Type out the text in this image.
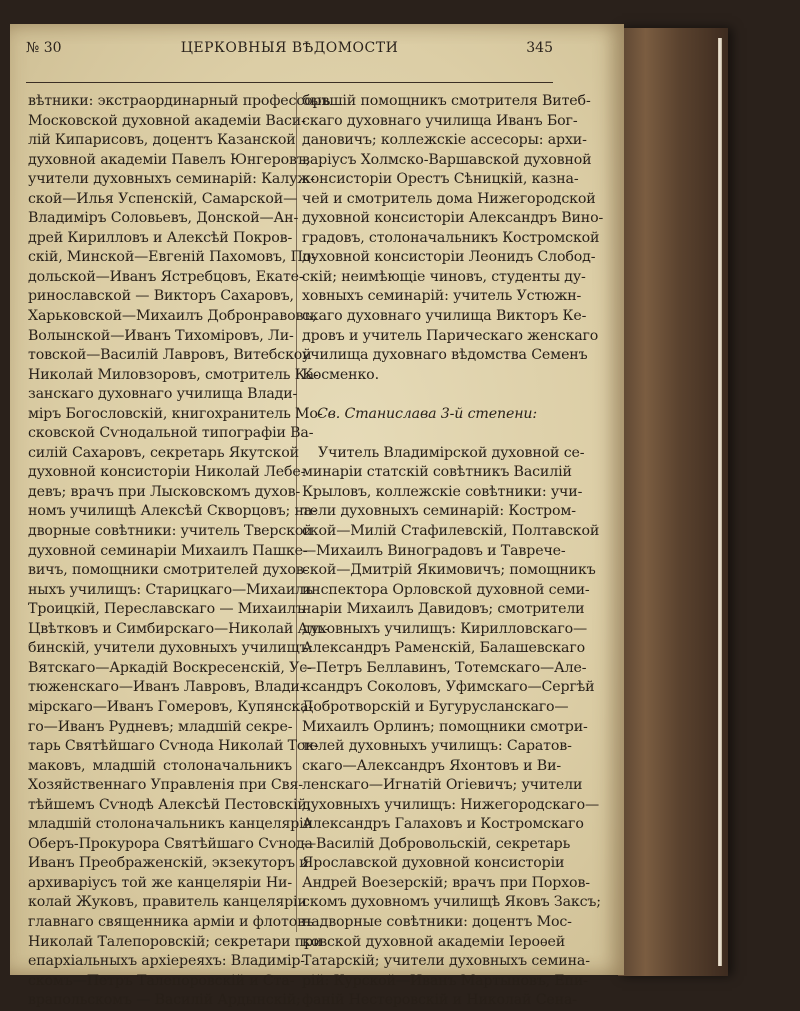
№ 30	ЦЕРКОВНЫЯ ВѢДОМОСТИ	345
вѣтники: экстраординарный профессоръ
Московской духовной академіи Васи-
лій Кипарисовъ, доцентъ Казанской
духовной академіи Павелъ Юнгеровъ;
учители духовныхъ семинарій: Калуж-
ской—Илья Успенскій, Самарской—
Владиміръ Соловьевъ, Донской—Ан-
дрей Кирилловъ и Алексѣй Покров-
скій, Минской—Евгеній Пахомовъ, По-
дольской—Иванъ Ястребцовъ, Екате-
ринославской — Викторъ Сахаровъ,
Харьковской—Михаилъ Добронравовъ,
Волынской—Иванъ Тихоміровъ, Ли-
товской—Василій Лавровъ, Витебской
Николай Миловзоровъ, смотритель Ка-
занскаго духовнаго училища Влади-
міръ Богословскій, книгохранитель Мо-
сковской Сѵнодальной типографіи Ва-
силій Сахаровъ, секретарь Якутской
духовной консисторіи Николай Лебе-
девъ; врачъ при Лысковскомъ духов-
номъ училищѣ Алексѣй Скворцовъ; на-
дворные совѣтники: учитель Тверской
духовной семинаріи Михаилъ Пашке-
вичъ, помощники смотрителей духов-
ныхъ училищъ: Старицкаго—Михаилъ
Троицкій, Переславскаго — Михаилъ
Цвѣтковъ и Симбирскаго—Николай Аль-
бинскій, учители духовныхъ училищъ:
Вятскаго—Аркадій Воскресенскій, Ус-
тюженскаго—Иванъ Лавровъ, Влади-
мірскаго—Иванъ Гомеровъ, Купянска-
го—Иванъ Рудневъ; младшій секре-
тарь Святѣйшаго Сѵнода Николай Ток-
маковъ, младшій столоначальникъ
Хозяйственнаго Управленія при Свя-
тѣйшемъ Сѵнодѣ Алексѣй Пестовскій,
младшій столоначальникъ канцеляріи
Оберъ-Прокурора Святѣйшаго Сѵнода
Иванъ Преображенскій, экзекуторъ и
архиваріусъ той же канцеляріи Ни-
колай Жуковъ, правитель канцеляріи
главнаго священника арміи и флотовъ
Николай Талепоровскій; секретари при
епархіальныхъ архіереяхъ: Владимір-
скомъ—Петръ Талепоровскій и Ста-
врапольскомъ — Василій Ардынскій;
бывшій помощникъ смотрителя Витеб-
скаго духовнаго училища Иванъ Бог-
дановичъ; коллежскіе ассесоры: архи-
варіусъ Холмско-Варшавской духовной
консисторіи Орестъ Сѣницкій, казна-
чей и смотритель дома Нижегородской
духовной консисторіи Александръ Вино-
градовъ, столоначальникъ Костромской
духовной консисторіи Леонидъ Слобод-
скій; неимѣющіе чиновъ, студенты ду-
ховныхъ семинарій: учитель Устюжн-
скаго духовнаго училища Викторъ Ке-
дровъ и учитель Парическаго женскаго
училища духовнаго вѣдомства Семенъ
Косменко.
Св. Станислава 3-й степени:
Учитель Владимірской духовной се-
минаріи статскій совѣтникъ Василій
Крыловъ, коллежскіе совѣтники: учи-
тели духовныхъ семинарій: Костром-
ской—Милій Стафилевскій, Полтавской
—Михаилъ Виноградовъ и Таврече-
ской—Дмитрій Якимовичъ; помощникъ
инспектора Орловской духовной семи-
наріи Михаилъ Давидовъ; смотрители
духовныхъ училищъ: Кирилловскаго—
Александръ Раменскій, Балашевскаго
—Петръ Беллавинъ, Тотемскаго—Але-
ксандръ Соколовъ, Уфимскаго—Сергѣй
Добротворскій и Бугурусланскаго—
Михаилъ Орлинъ; помощники смотри-
телей духовныхъ училищъ: Саратов-
скаго—Александръ Яхонтовъ и Ви-
ленскаго—Игнатій Огіевичъ; учители
духовныхъ училищъ: Нижегородскаго—
Александръ Галаховъ и Костромскаго
—Василій Добровольскій, секретарь
Ярославской духовной консисторіи
Андрей Воезерскій; врачъ при Порхов-
скомъ духовномъ училищѣ Яковъ Заксъ;
надворные совѣтники: доцентъ Мос-
ковской духовной академіи Іероѳей
Татарскій; учители духовныхъ семина-
рій: Курской—Иванъ Мартыновъ, Епи-
фаній Нестеровскій и Николай Сена-
